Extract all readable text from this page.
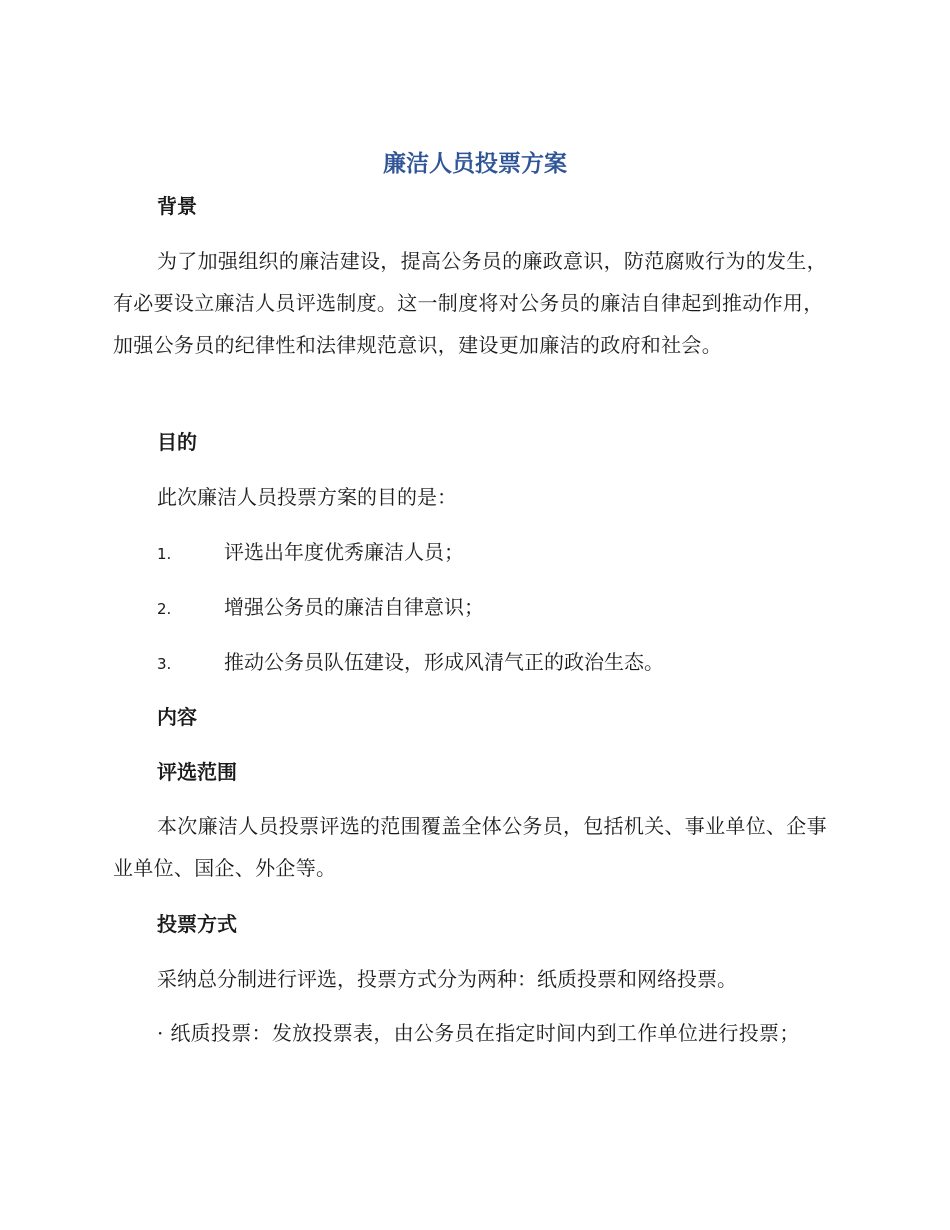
廉洁人员投票方案
背景

为了加强组织的廉洁建设，提高公务员的廉政意识，防范腐败行为的发生，有必要设立廉洁人员评选制度。这一制度将对公务员的廉洁自律起到推动作用，加强公务员的纪律性和法律规范意识，建设更加廉洁的政府和社会。

目的
此次廉洁人员投票方案的目的是：
1.	评选出年度优秀廉洁人员；
2.	增强公务员的廉洁自律意识；
3.	推动公务员队伍建设，形成风清气正的政治生态。
内容
评选范围

本次廉洁人员投票评选的范围覆盖全体公务员，包括机关、事业单位、企事业单位、国企、外企等。

投票方式
采纳总分制进行评选，投票方式分为两种：纸质投票和网络投票。

· 纸质投票：发放投票表，由公务员在指定时间内到工作单位进行投票；
